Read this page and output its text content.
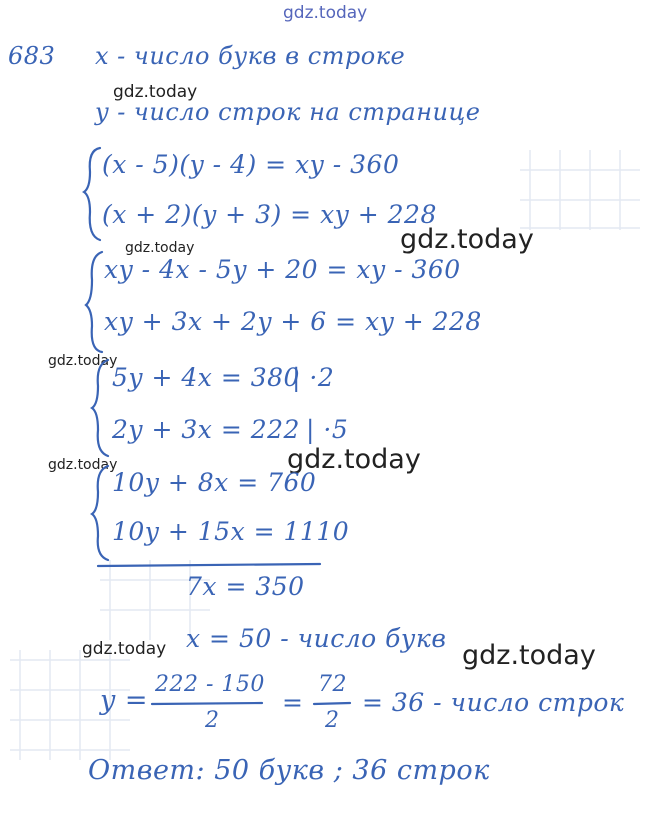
gdz.today
gdz.today
gdz.today	gdz.today
gdz.today
gdz.today	gdz.today
gdz.today	gdz.today
683 x - число букв в строке
y - число строк на странице
(x - 5)(y - 4) = xy - 360
(x + 2)(y + 3) = xy + 228
xy - 4x - 5y + 20 = xy - 360
xy + 3x + 2y + 6 = xy + 228
5y + 4x = 380
| ·2
2y + 3x = 222 | ·5
10y + 8x = 760
10y + 15x = 1110
7x = 350
x = 50 - число букв
y =
222 - 150
2
=
72
2
= 36 - число строк
Ответ: 50 букв ; 36 строк
